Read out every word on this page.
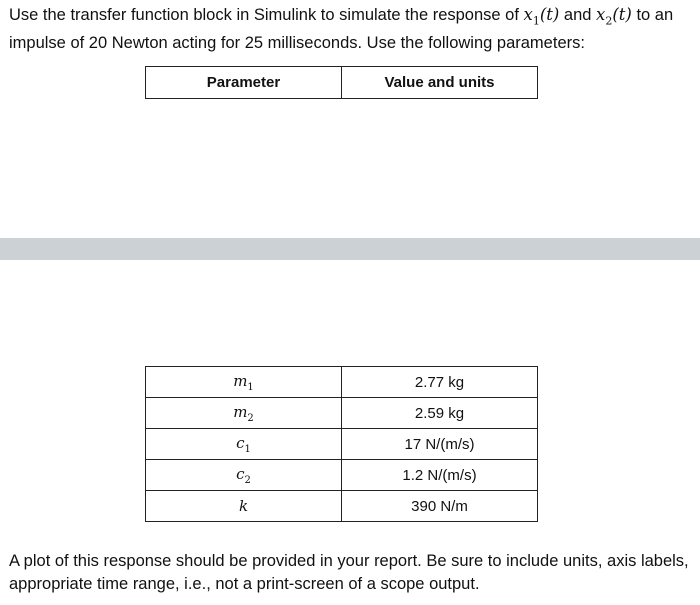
Use the transfer function block in Simulink to simulate the response of $x_1(t)$ and $x_2(t)$ to an impulse of 20 Newton acting for 25 milliseconds. Use the following parameters:

Parameter	Value and units
$m_1$	2.77 kg
$m_2$	2.59 kg
$c_1$	17 N/(m/s)
$c_2$	1.2 N/(m/s)
k	390 N/m

A plot of this response should be provided in your report. Be sure to include units, axis labels, appropriate time range, i.e., not a print-screen of a scope output.
